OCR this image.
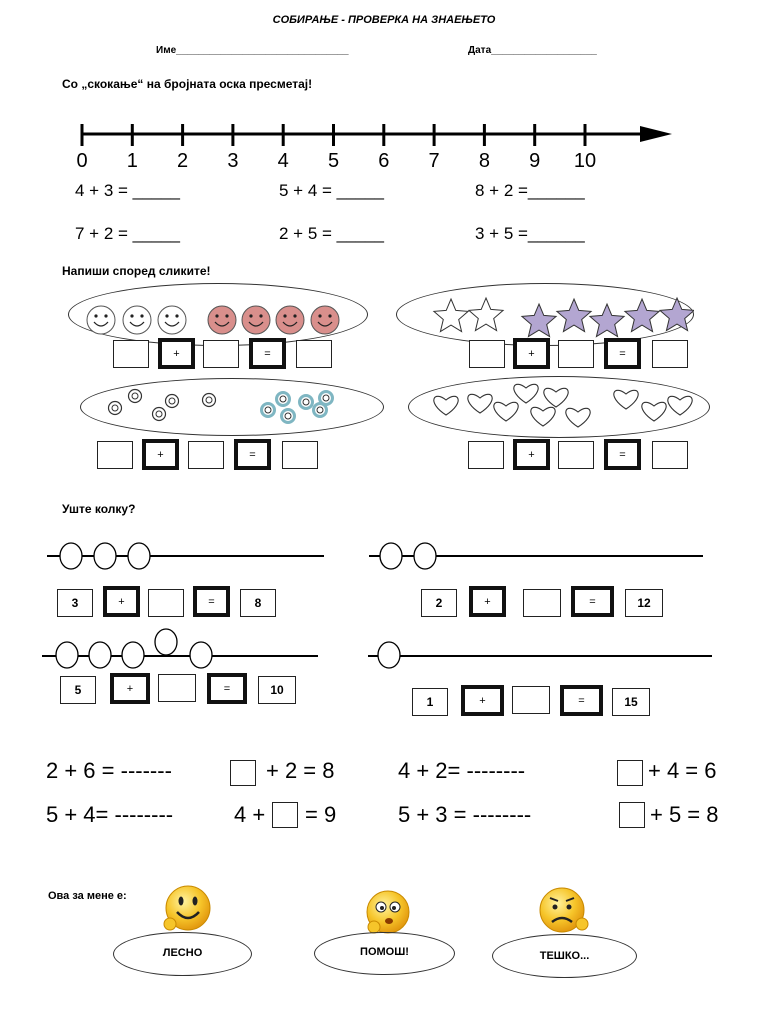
СОБИРАЊЕ - ПРОВЕРКА НА ЗНАЕЊЕТО
Име_______________________________	Дата___________________
Со „скокање“ на бројната оска пресметај!
0	1	2	3	4	5	6	7	8	9	10
4 + 3 = _____	5 + 4 = _____	8 + 2 =______
7 + 2 = _____	2 + 5 = _____	3 + 5 =______
Напиши според сликите!
+	=	+	=
+	=	+	=
Уште колку?
3	+	=	8	2	+	=	12
5	+	=	10
1	+	=	15
2 + 6 = -------	+ 2 = 8	4 + 2= --------	+ 4 = 6
5 + 4= --------	4 + = 9	5 + 3 = --------	+ 5 = 8
Ова за мене е:
ЛЕСНО	ПОМОШ!	ТЕШКО...
